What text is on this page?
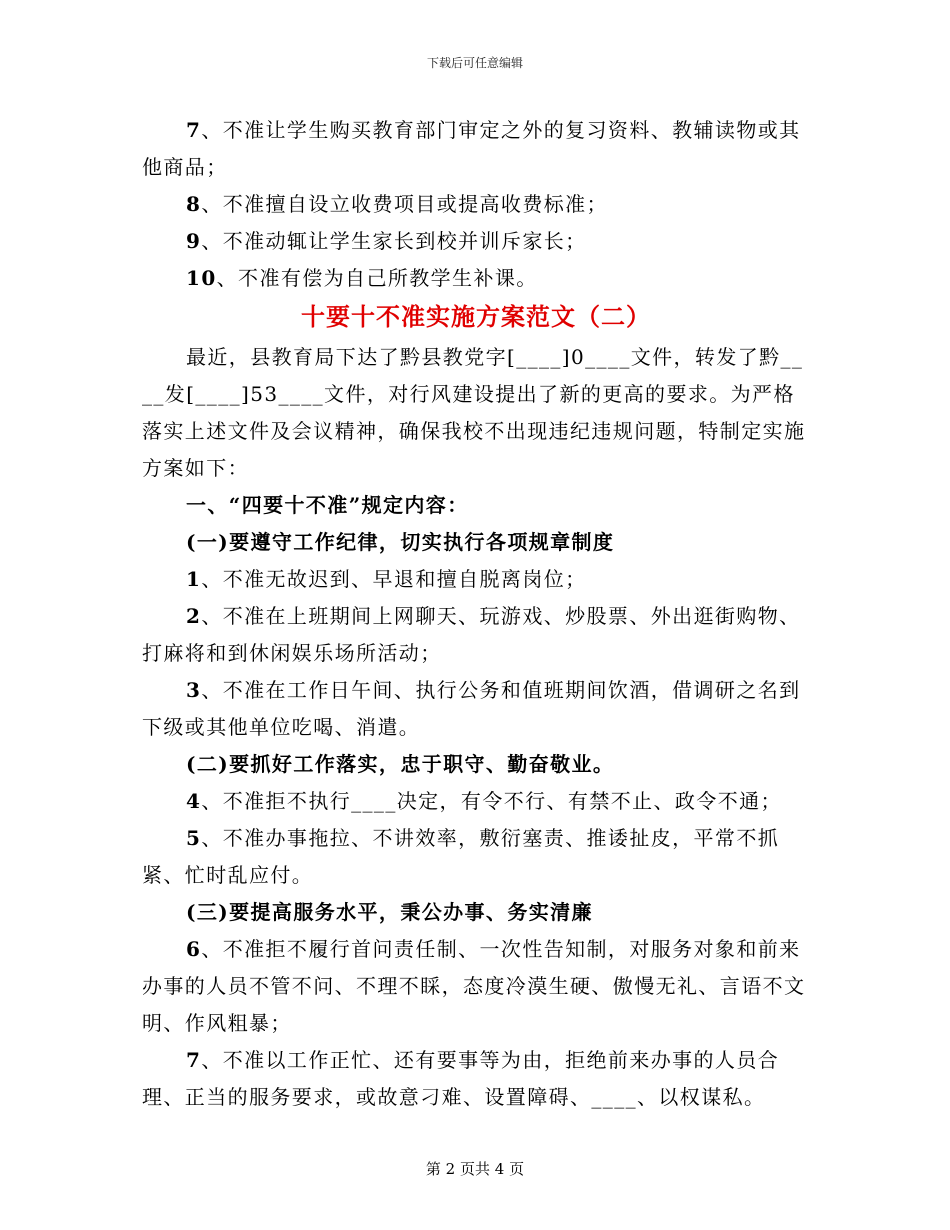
下载后可任意编辑

7、不准让学生购买教育部门审定之外的复习资料、教辅读物或其他商品；

8、不准擅自设立收费项目或提高收费标准；

9、不准动辄让学生家长到校并训斥家长；

10、不准有偿为自己所教学生补课。

十要十不准实施方案范文（二）

最近，县教育局下达了黔县教党字[____]0____文件，转发了黔____发[____]53____文件，对行风建设提出了新的更高的要求。为严格落实上述文件及会议精神，确保我校不出现违纪违规问题，特制定实施方案如下：

一、“四要十不准”规定内容：

(一)要遵守工作纪律，切实执行各项规章制度

1、不准无故迟到、早退和擅自脱离岗位；

2、不准在上班期间上网聊天、玩游戏、炒股票、外出逛街购物、打麻将和到休闲娱乐场所活动；

3、不准在工作日午间、执行公务和值班期间饮酒，借调研之名到下级或其他单位吃喝、消遣。

(二)要抓好工作落实，忠于职守、勤奋敬业。

4、不准拒不执行____决定，有令不行、有禁不止、政令不通；

5、不准办事拖拉、不讲效率，敷衍塞责、推诿扯皮，平常不抓紧、忙时乱应付。

(三)要提高服务水平，秉公办事、务实清廉

6、不准拒不履行首问责任制、一次性告知制，对服务对象和前来办事的人员不管不问、不理不睬，态度冷漠生硬、傲慢无礼、言语不文明、作风粗暴；

7、不准以工作正忙、还有要事等为由，拒绝前来办事的人员合理、正当的服务要求，或故意刁难、设置障碍、____、以权谋私。

第 2 页共 4 页
